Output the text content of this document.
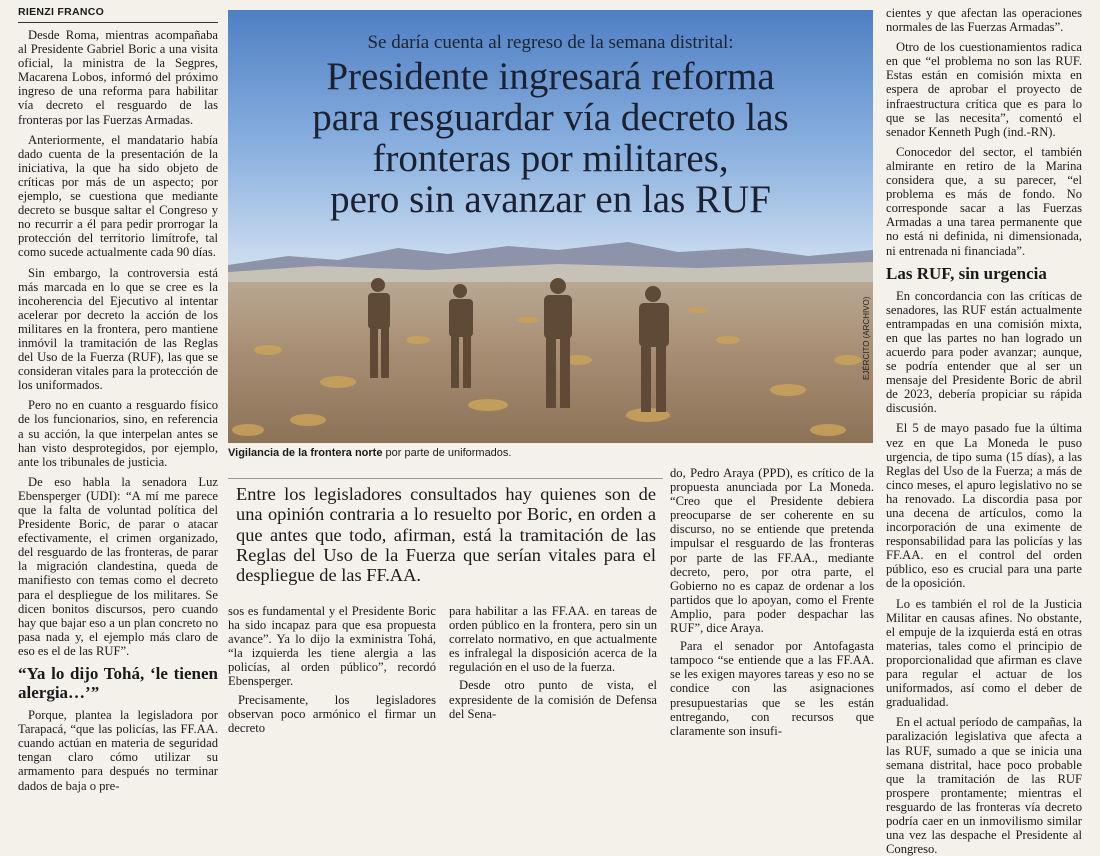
RIENZI FRANCO

Desde Roma, mientras acompañaba al Presidente Gabriel Boric a una visita oficial, la ministra de la Segpres, Macarena Lobos, informó del próximo ingreso de una reforma para habilitar vía decreto el resguardo de las fronteras por las Fuerzas Armadas.

Anteriormente, el mandatario había dado cuenta de la presentación de la iniciativa, la que ha sido objeto de críticas por más de un aspecto; por ejemplo, se cuestiona que mediante decreto se busque saltar el Congreso y no recurrir a él para pedir prorrogar la protección del territorio limítrofe, tal como sucede actualmente cada 90 días.

Sin embargo, la controversia está más marcada en lo que se cree es la incoherencia del Ejecutivo al intentar acelerar por decreto la acción de los militares en la frontera, pero mantiene inmóvil la tramitación de las Reglas del Uso de la Fuerza (RUF), las que se consideran vitales para la protección de los uniformados.

Pero no en cuanto a resguardo físico de los funcionarios, sino, en referencia a su acción, la que interpelan antes se han visto desprotegidos, por ejemplo, ante los tribunales de justicia.

De eso habla la senadora Luz Ebensperger (UDI): “A mí me parece que la falta de voluntad política del Presidente Boric, de parar o atacar efectivamente, el crimen organizado, del resguardo de las fronteras, de parar la migración clandestina, queda de manifiesto con temas como el decreto para el despliegue de los militares. Se dicen bonitos discursos, pero cuando hay que bajar eso a un plan concreto no pasa nada y, el ejemplo más claro de eso es el de las RUF”.

“Ya lo dijo Tohá, ‘le tienen alergia…’”

Porque, plantea la legisladora por Tarapacá, “que las policías, las FF.AA. cuando actúan en materia de seguridad tengan claro cómo utilizar su armamento para después no terminar dados de baja o pre-

Se daría cuenta al regreso de la semana distrital:

Presidente ingresará reforma

para resguardar vía decreto las

fronteras por militares,

pero sin avanzar en las RUF

EJÉRCITO (ARCHIVO)
Vigilancia de la frontera norte por parte de uniformados.
Entre los legisladores consultados hay quienes son de una opinión contraria a lo resuelto por Boric, en orden a que antes que todo, afirman, está la tramitación de las Reglas del Uso de la Fuerza que serían vitales para el despliegue de las FF.AA.

sos es fundamental y el Presidente Boric ha sido incapaz para que esa propuesta avance”. Ya lo dijo la exministra Tohá, “la izquierda les tiene alergia a las policías, al orden público”, recordó Ebensperger.

Precisamente, los legisladores observan poco armónico el firmar un decreto

para habilitar a las FF.AA. en tareas de orden público en la frontera, pero sin un correlato normativo, en que actualmente es infralegal la disposición acerca de la regulación en el uso de la fuerza.

Desde otro punto de vista, el expresidente de la comisión de Defensa del Sena-

do, Pedro Araya (PPD), es crítico de la propuesta anunciada por La Moneda. “Creo que el Presidente debiera preocuparse de ser coherente en su discurso, no se entiende que pretenda impulsar el resguardo de las fronteras por parte de las FF.AA., mediante decreto, pero, por otra parte, el Gobierno no es capaz de ordenar a los partidos que lo apoyan, como el Frente Amplio, para poder despachar las RUF”, dice Araya.

Para el senador por Antofagasta tampoco “se entiende que a las FF.AA. se les exigen mayores tareas y eso no se condice con las asignaciones presupuestarias que se les están entregando, con recursos que claramente son insufi-

cientes y que afectan las operaciones normales de las Fuerzas Armadas”.

Otro de los cuestionamientos radica en que “el problema no son las RUF. Estas están en comisión mixta en espera de aprobar el proyecto de infraestructura crítica que es para lo que se las necesita”, comentó el senador Kenneth Pugh (ind.-RN).

Conocedor del sector, el también almirante en retiro de la Marina considera que, a su parecer, “el problema es más de fondo. No corresponde sacar a las Fuerzas Armadas a una tarea permanente que no está ni definida, ni dimensionada, ni entrenada ni financiada”.

Las RUF, sin urgencia

En concordancia con las críticas de senadores, las RUF están actualmente entrampadas en una comisión mixta, en que las partes no han logrado un acuerdo para poder avanzar; aunque, se podría entender que al ser un mensaje del Presidente Boric de abril de 2023, debería propiciar su rápida discusión.

El 5 de mayo pasado fue la última vez en que La Moneda le puso urgencia, de tipo suma (15 días), a las Reglas del Uso de la Fuerza; a más de cinco meses, el apuro legislativo no se ha renovado. La discordia pasa por una decena de artículos, como la incorporación de una eximente de responsabilidad para las policías y las FF.AA. en el control del orden público, eso es crucial para una parte de la oposición.

Lo es también el rol de la Justicia Militar en causas afines. No obstante, el empuje de la izquierda está en otras materias, tales como el principio de proporcionalidad que afirman es clave para regular el actuar de los uniformados, así como el deber de gradualidad.

En el actual período de campañas, la paralización legislativa que afecta a las RUF, sumado a que se inicia una semana distrital, hace poco probable que la tramitación de las RUF prospere prontamente; mientras el resguardo de las fronteras vía decreto podría caer en un inmovilismo similar una vez las despache el Presidente al Congreso.
